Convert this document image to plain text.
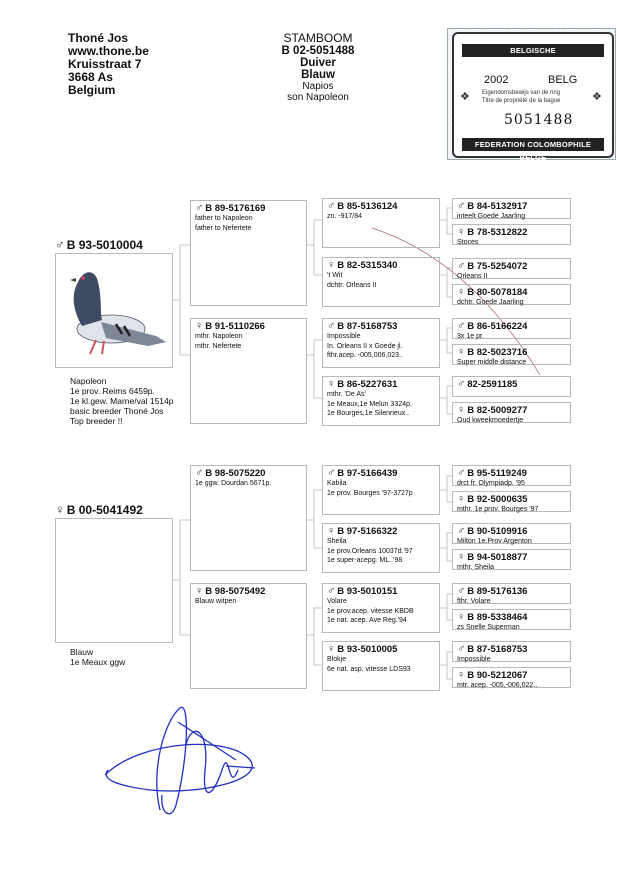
Thoné Jos
www.thone.be
Kruisstraat 7
3668 As
Belgium
STAMBOOM
B 02-5051488
Duiver
Blauw
Napios
son Napoleon
BELGISCHE DUIVENLIEFHEBBERSBOND
2002	BELG
❖	❖
Eigendomsbewijs van de ring
Titre de propriété de la bague
5051488
FEDERATION COLOMBOPHILE BELGE
♂ B 93-5010004
Napoleon
1e prov. Reims 6459p.
1e kl.gew. Marne/val 1514p
basic breeder Thoné Jos
Top breeder !!
♀ B 00-5041492
Blauw
1e Meaux ggw
♂ B 89-5176169
father to Napoleon
father to Nefertete
♀ B 91-5110266
mthr. Napoleon
mthr. Nefertete
♂ B 98-5075220
1e ggw. Dourdan 5671p.
♀ B 98-5075492
Blauw witpen
♂ B 85-5136124
zn. -917/84
♀ B 82-5315340
't Wit
dchtr. Orleans II
♂ B 87-5168753
Impossible
In. Orleans II x Goede jl.
fthr.acep. -005,006,023..
♀ B 86-5227631
mthr. 'De As'
1e Meaux,1e Melun 3324p.
1e Bourges,1e Silenrieux..
♂ B 97-5166439
Kabila
1e prov. Bourges '97-3727p
♀ B 97-5166322
Sheila
1e prov.Orleans 10037d.'97
1e super-acepg. ML. '98
♂ B 93-5010151
Volare
1e prov.acep. vitesse KBDB
1e nat. acep. Ave Reg.'94
♀ B 93-5010005
Blokje
6e nat. asp. vitesse LDS93
♂ B 84-5132917
inteelt Goede Jaarling
♀ B 78-5312822
Stoces
♂ B 75-5254072
Orleans II
♀ B 80-5078184
dchtr. Goede Jaarling
♂ B 86-5166224
3x 1e pr.
♀ B 82-5023716
Super middle distance
♂ 82-2591185
♀ B 82-5009277
Oud kweekmoedertje
♂ B 95-5119249
drct fr. Olympiadp. '95
♀ B 92-5000635
mthr. 1e prov. Bourges '97
♂ B 90-5109916
Milton 1e.Prov Argenton
♀ B 94-5018877
mthr. Sheila
♂ B 89-5176136
fthr. Volare
♀ B 89-5338464
zs Snelle Superman
♂ B 87-5168753
Impossible
♀ B 90-5212067
mtr. acep. -005,-006,022..
